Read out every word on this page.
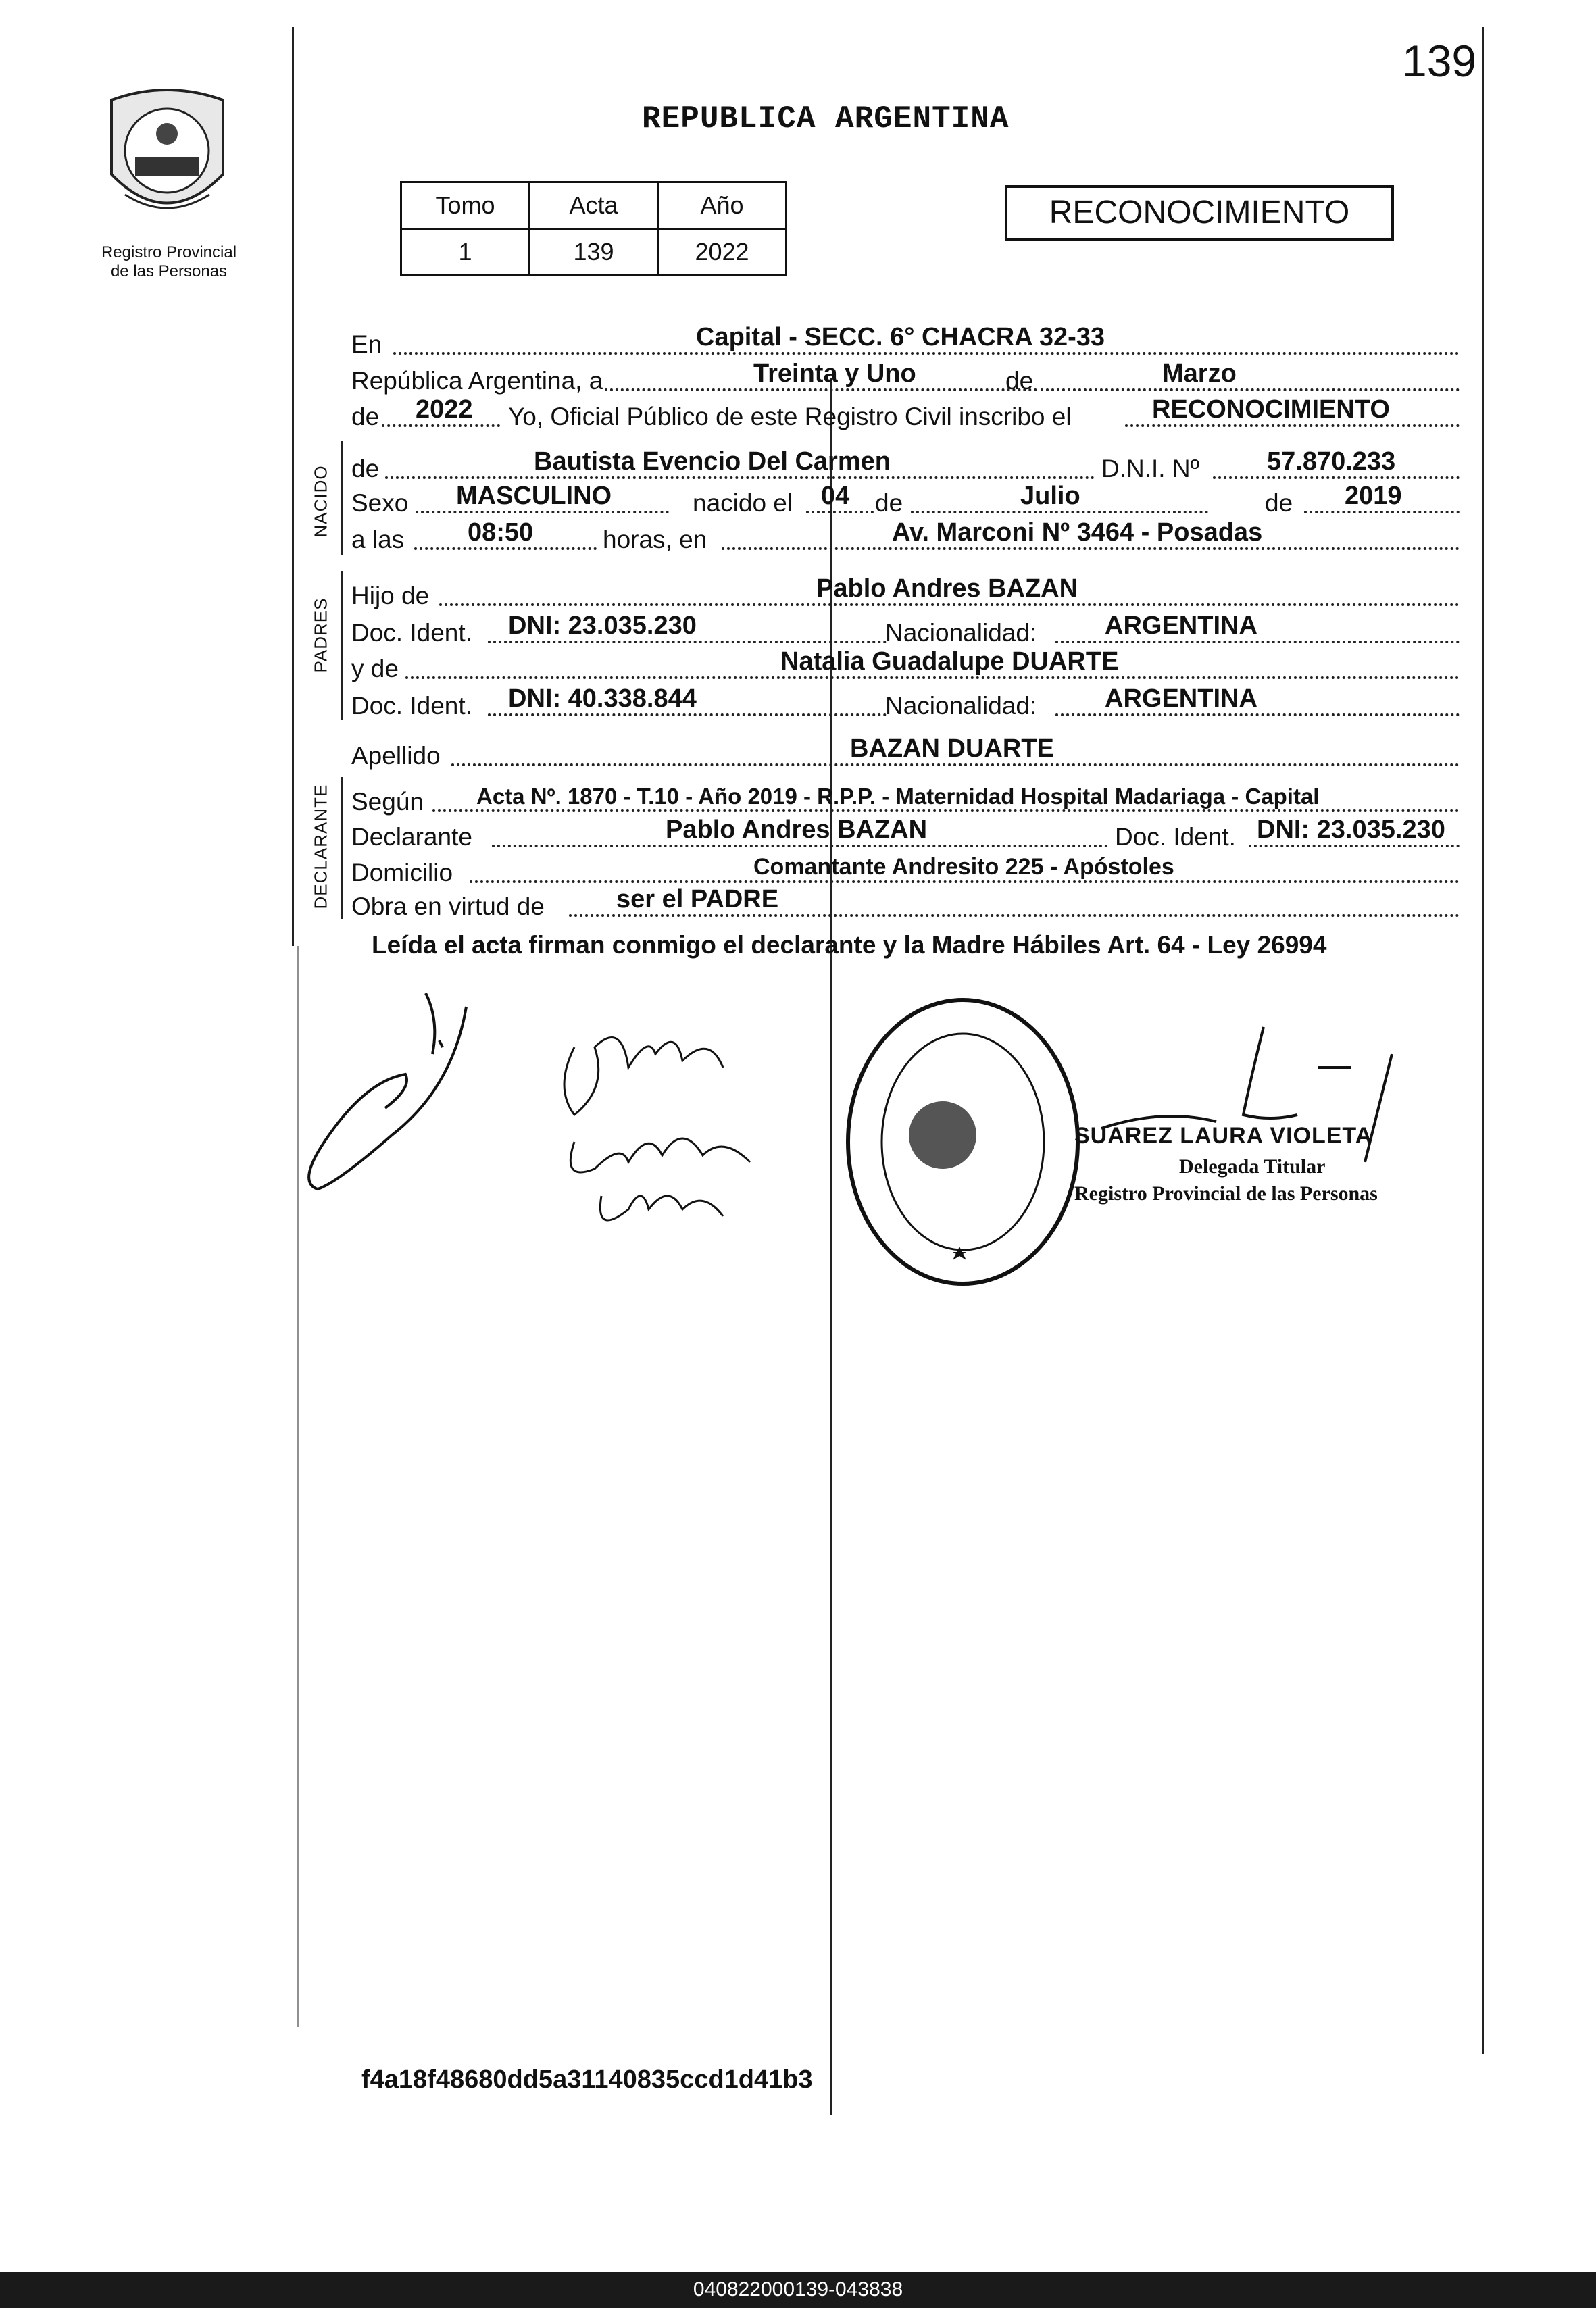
139
Registro Provincial
de las Personas
REPUBLICA ARGENTINA
Tomo	Acta	Año
1	139	2022
RECONOCIMIENTO
NACIDO
PADRES
DECLARANTE
En	Capital - SECC. 6° CHACRA 32-33
República Argentina, a	Treinta y Uno	de	Marzo
de 2022 Yo, Oficial Público de este Registro Civil inscribo el	RECONOCIMIENTO
de	Bautista Evencio Del Carmen	D.N.I. Nº	57.870.233
Sexo MASCULINO	nacido el 04 de	Julio	de 2019
a las 08:50	horas, en	Av. Marconi Nº 3464 - Posadas
Hijo de	Pablo Andres BAZAN
Doc. Ident. DNI: 23.035.230	Nacionalidad:	ARGENTINA
y de	Natalia Guadalupe DUARTE
Doc. Ident. DNI: 40.338.844	Nacionalidad:	ARGENTINA
Apellido	BAZAN DUARTE
Según Acta Nº. 1870 - T.10 - Año 2019 - R.P.P. - Maternidad Hospital Madariaga - Capital
Declarante	Pablo Andres BAZAN	Doc. Ident. DNI: 23.035.230
Domicilio	Comantante Andresito 225 - Apóstoles
Obra en virtud de	ser el PADRE
Leída el acta firman conmigo el declarante y la Madre Hábiles Art. 64 - Ley 26994
SUAREZ LAURA VIOLETA
Delegada Titular
Registro Provincial de las Personas
f4a18f48680dd5a31140835ccd1d41b3
040822000139-043838
